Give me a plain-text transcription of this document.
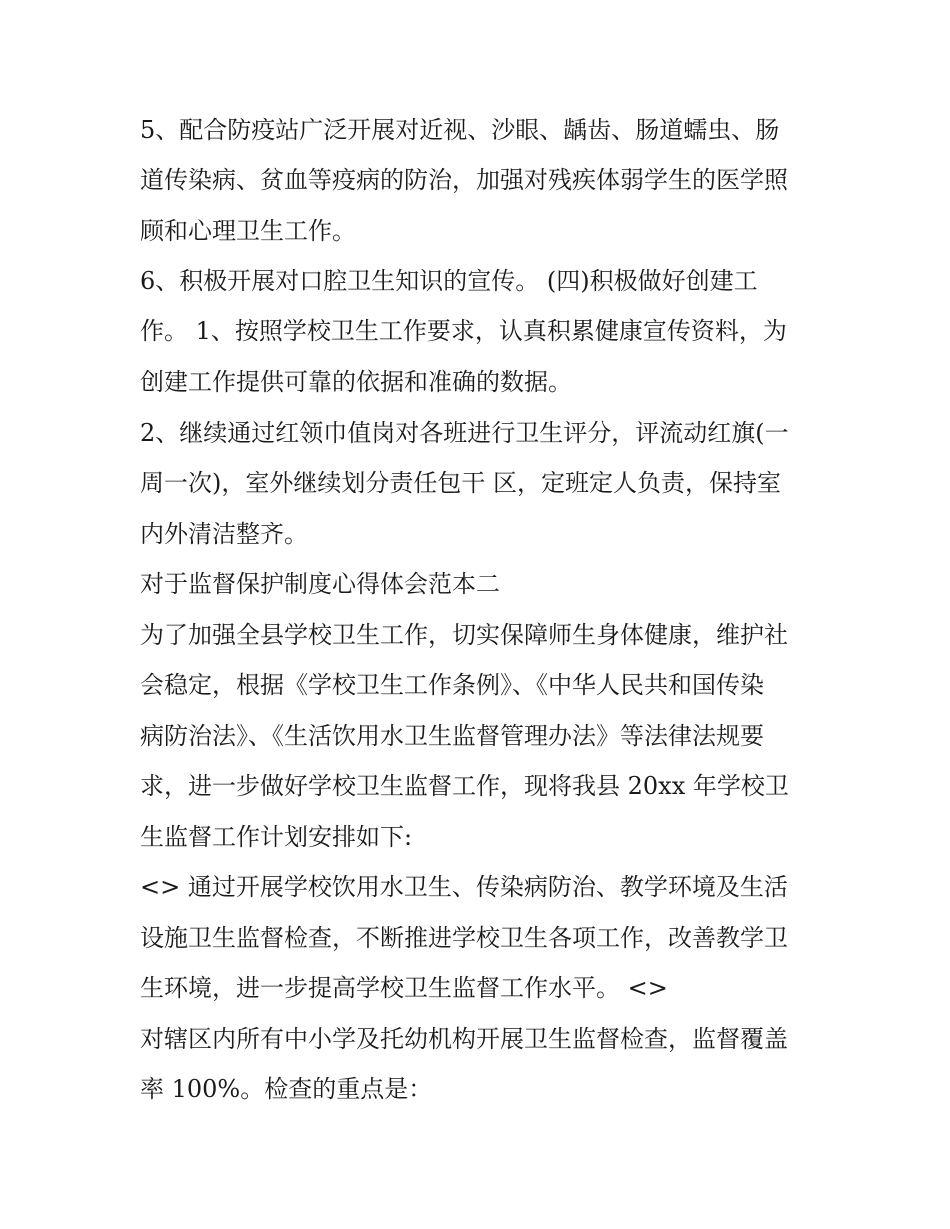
5、配合防疫站广泛开展对近视、沙眼、龋齿、肠道蠕虫、肠
道传染病、贫血等疫病的防治，加强对残疾体弱学生的医学照
顾和心理卫生工作。
6、积极开展对口腔卫生知识的宣传。 (四)积极做好创建工
作。 1、按照学校卫生工作要求，认真积累健康宣传资料，为
创建工作提供可靠的依据和准确的数据。
2、继续通过红领巾值岗对各班进行卫生评分，评流动红旗(一
周一次)，室外继续划分责任包干 区，定班定人负责，保持室
内外清洁整齐。
对于监督保护制度心得体会范本二
为了加强全县学校卫生工作，切实保障师生身体健康，维护社
会稳定，根据《学校卫生工作条例》、《中华人民共和国传染
病防治法》、《生活饮用水卫生监督管理办法》等法律法规要
求，进一步做好学校卫生监督工作，现将我县 20xx 年学校卫
生监督工作计划安排如下:
<> 通过开展学校饮用水卫生、传染病防治、教学环境及生活
设施卫生监督检查，不断推进学校卫生各项工作，改善教学卫
生环境，进一步提高学校卫生监督工作水平。 <>
对辖区内所有中小学及托幼机构开展卫生监督检查，监督覆盖
率 100%。检查的重点是：
